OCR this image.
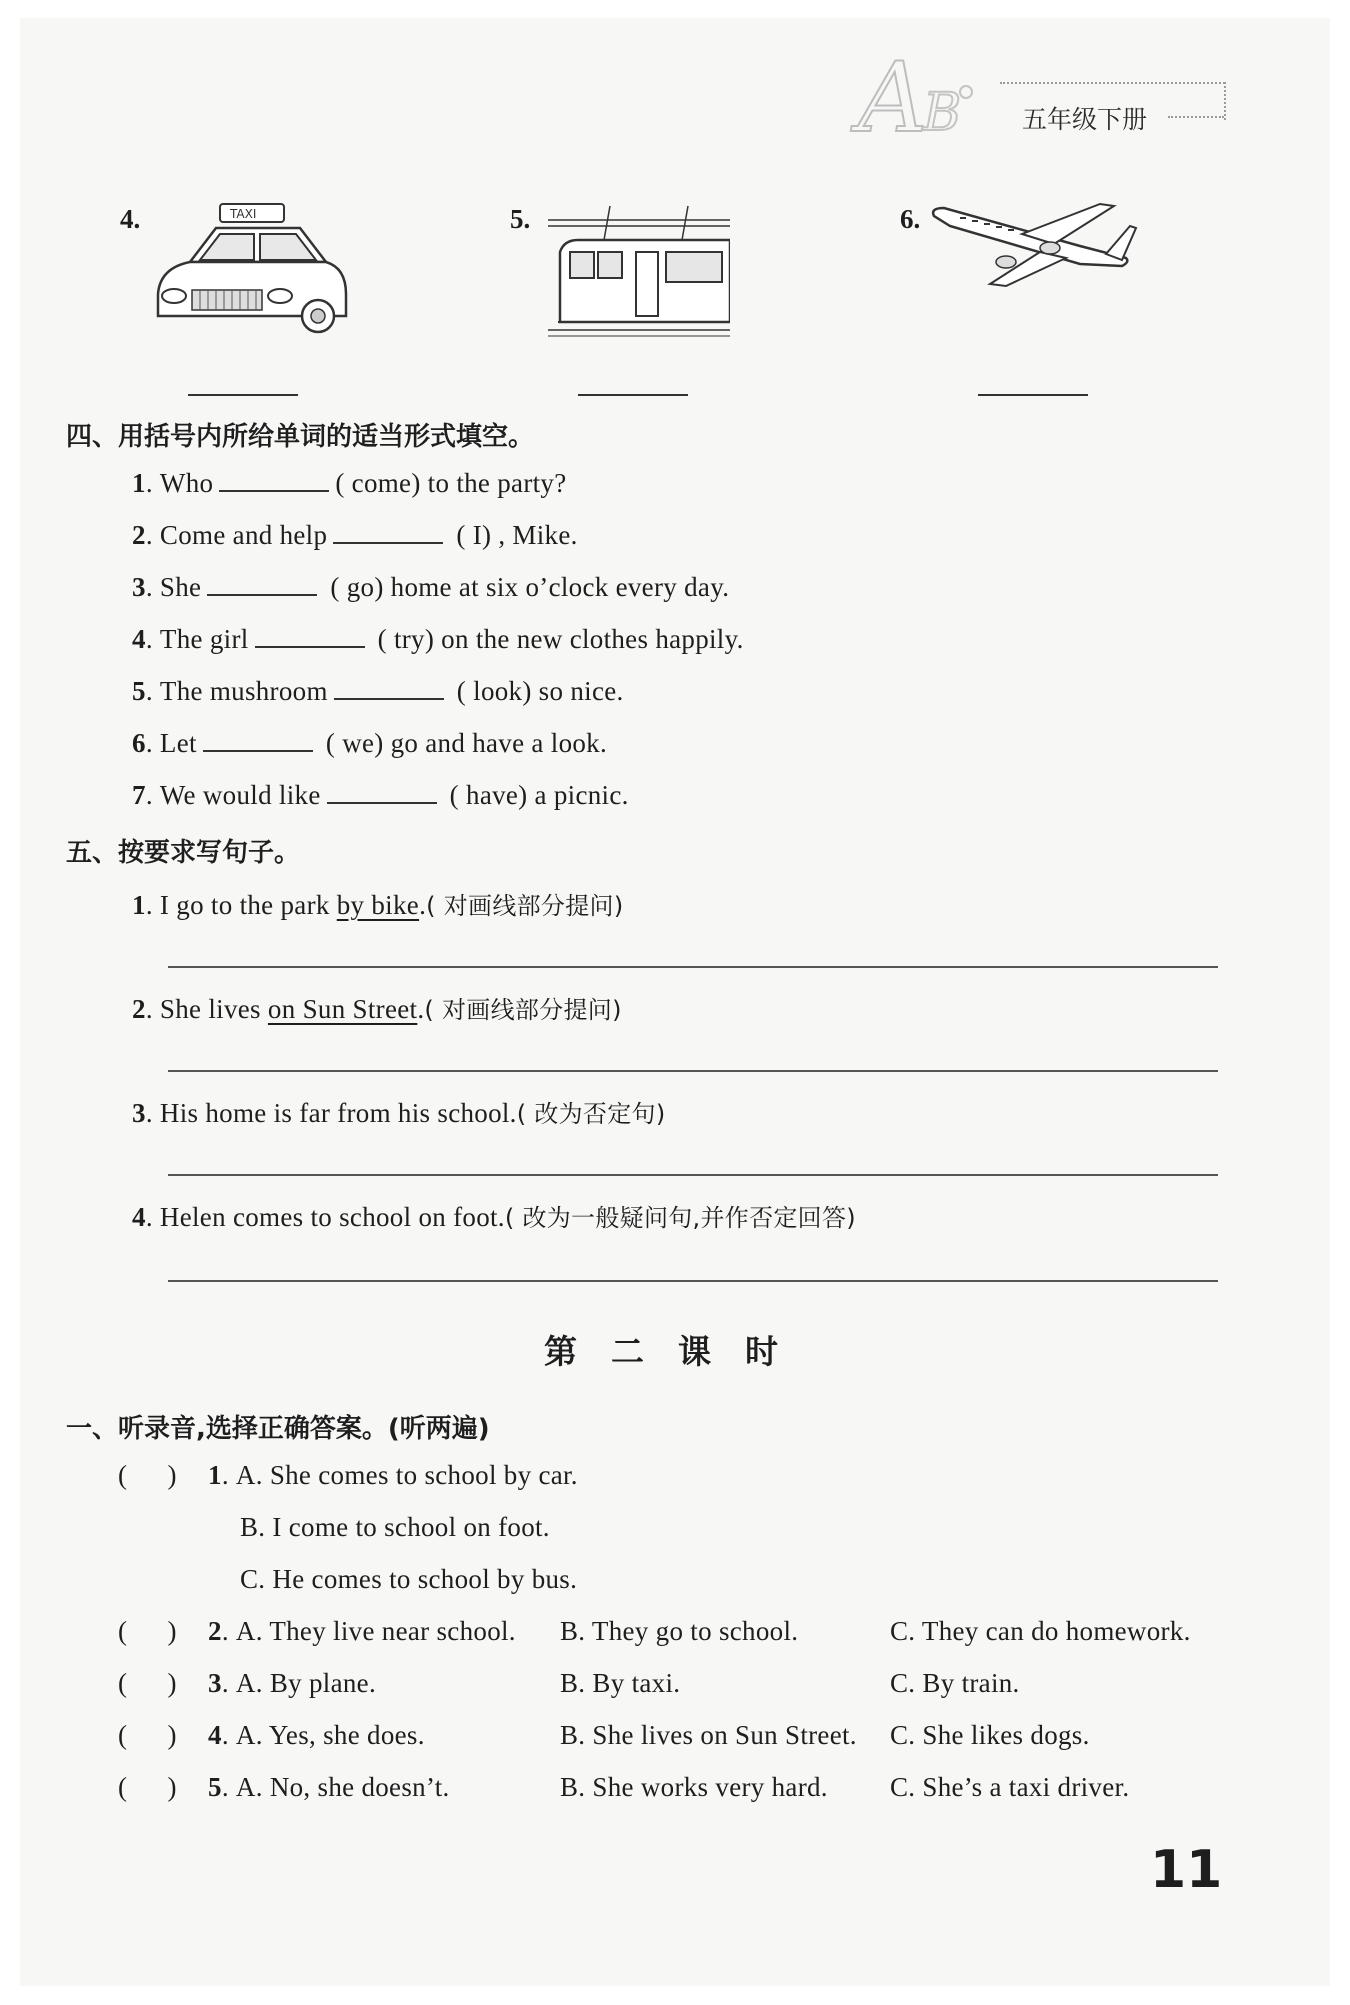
A
B 五年级下册
4.	TAXI	5.	6.
四、用括号内所给单词的适当形式填空。
1. Who	( come) to the party?
2. Come and help	( I) , Mike.
3. She	( go) home at six o’clock every day.
4. The girl	( try) on the new clothes happily.
5. The mushroom	( look) so nice.
6. Let	( we) go and have a look.
7. We would like	( have) a picnic.
五、按要求写句子。
1. I go to the park by bike.( 对画线部分提问)
2. She lives on Sun Street.( 对画线部分提问)
3. His home is far from his school.( 改为否定句)
4. Helen comes to school on foot.( 改为一般疑问句,并作否定回答)
第二课时
一、听录音,选择正确答案。(听两遍)
(      ) 1. A. She comes to school by car.
B. I come to school on foot.
C. He comes to school by bus.
(      ) 2. A. They live near school. B. They go to school.	C. They can do homework.
(      ) 3. A. By plane.	B. By taxi.	C. By train.
(      ) 4. A. Yes, she does.	B. She lives on Sun Street. C. She likes dogs.
(      ) 5. A. No, she doesn’t.	B. She works very hard. C. She’s a taxi driver.
11
